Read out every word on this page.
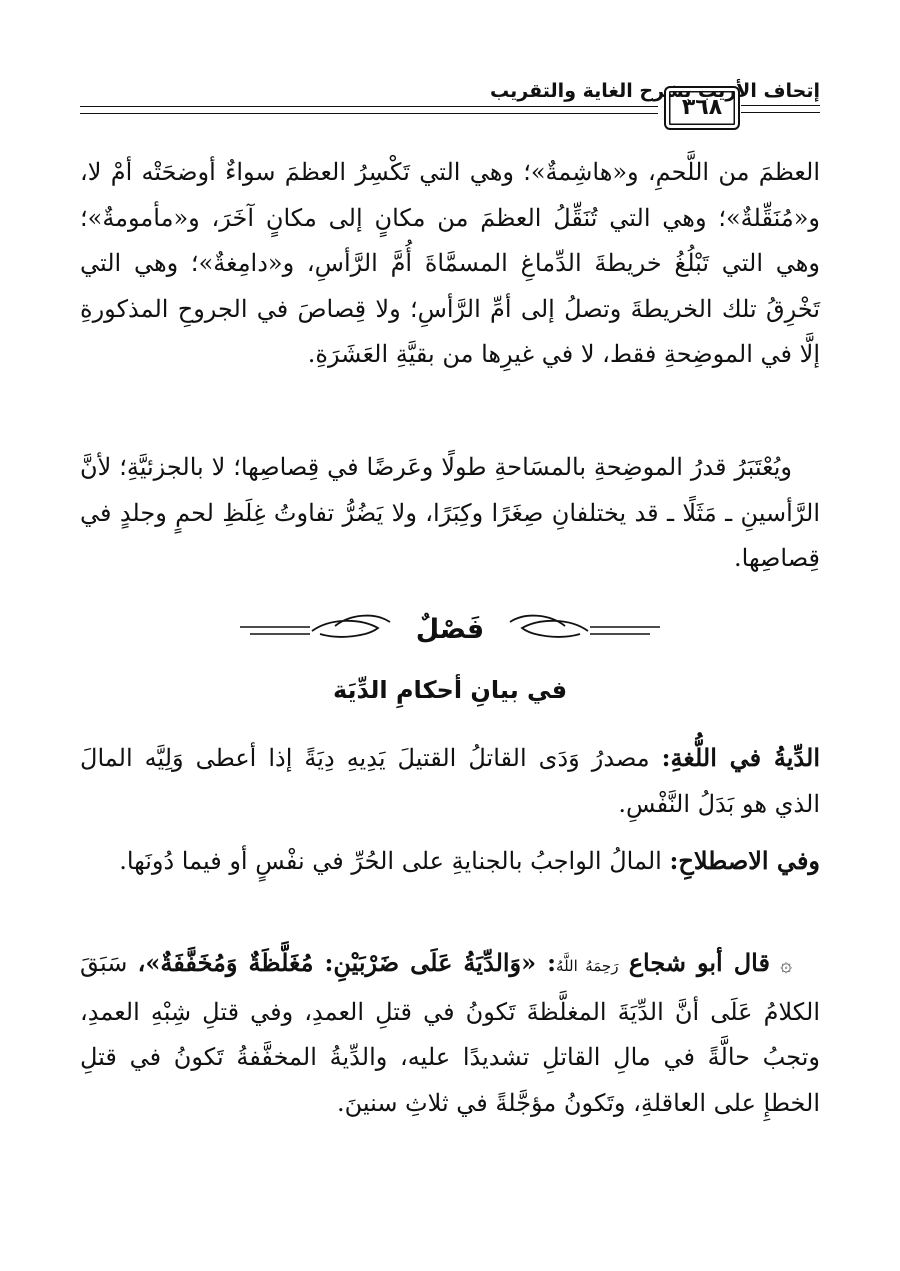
إتحاف الأريب بشرح الغاية والتقريب
٣٦٨

العظمَ من اللَّحمِ، و«هاشِمةٌ»؛ وهي التي تَكْسِرُ العظمَ سواءٌ أوضحَتْه أمْ لا، و«مُنَقِّلةٌ»؛ وهي التي تُنَقِّلُ العظمَ من مكانٍ إلى مكانٍ آخَرَ، و«مأمومةٌ»؛ وهي التي تَبْلُغُ خريطةَ الدِّماغِ المسمَّاةَ أُمَّ الرَّأسِ، و«دامِغةٌ»؛ وهي التي تَخْرِقُ تلك الخريطةَ وتصلُ إلى أمِّ الرَّأسِ؛ ولا قِصاصَ في الجروحِ المذكورةِ إلَّا في الموضِحةِ فقط، لا في غيرِها من بقيَّةِ العَشَرَةِ.

ويُعْتَبَرُ قدرُ الموضِحةِ بالمسَاحةِ طولًا وعَرضًا في قِصاصِها؛ لا بالجزئيَّةِ؛ لأنَّ الرَّأسينِ ـ مَثَلًا ـ قد يختلفانِ صِغَرًا وكِبَرًا، ولا يَضُرُّ تفاوتُ غِلَظِ لحمٍ وجلدٍ في قِصاصِها.

فَصْلٌ
في بيانِ أحكامِ الدِّيَة

الدِّيةُ في اللُّغةِ: مصدرُ وَدَى القاتلُ القتيلَ يَدِيهِ دِيَةً إذا أعطى وَلِيَّه المالَ الذي هو بَدَلُ النَّفْسِ.

وفي الاصطلاحِ: المالُ الواجبُ بالجنايةِ على الحُرِّ في نفْسٍ أو فيما دُونَها.

۞ قال أبو شجاع رَحِمَهُ اللَّهُ: «وَالدِّيَةُ عَلَى ضَرْبَيْنِ: مُغَلَّظَةٌ وَمُخَفَّفَةٌ»، سَبَقَ الكلامُ عَلَى أنَّ الدِّيَةَ المغلَّظةَ تَكونُ في قتلِ العمدِ، وفي قتلِ شِبْهِ العمدِ، وتجبُ حالَّةً في مالِ القاتلِ تشديدًا عليه، والدِّيةُ المخفَّفةُ تَكونُ في قتلِ الخطإِ على العاقلةِ، وتَكونُ مؤجَّلةً في ثلاثِ سنينَ.
